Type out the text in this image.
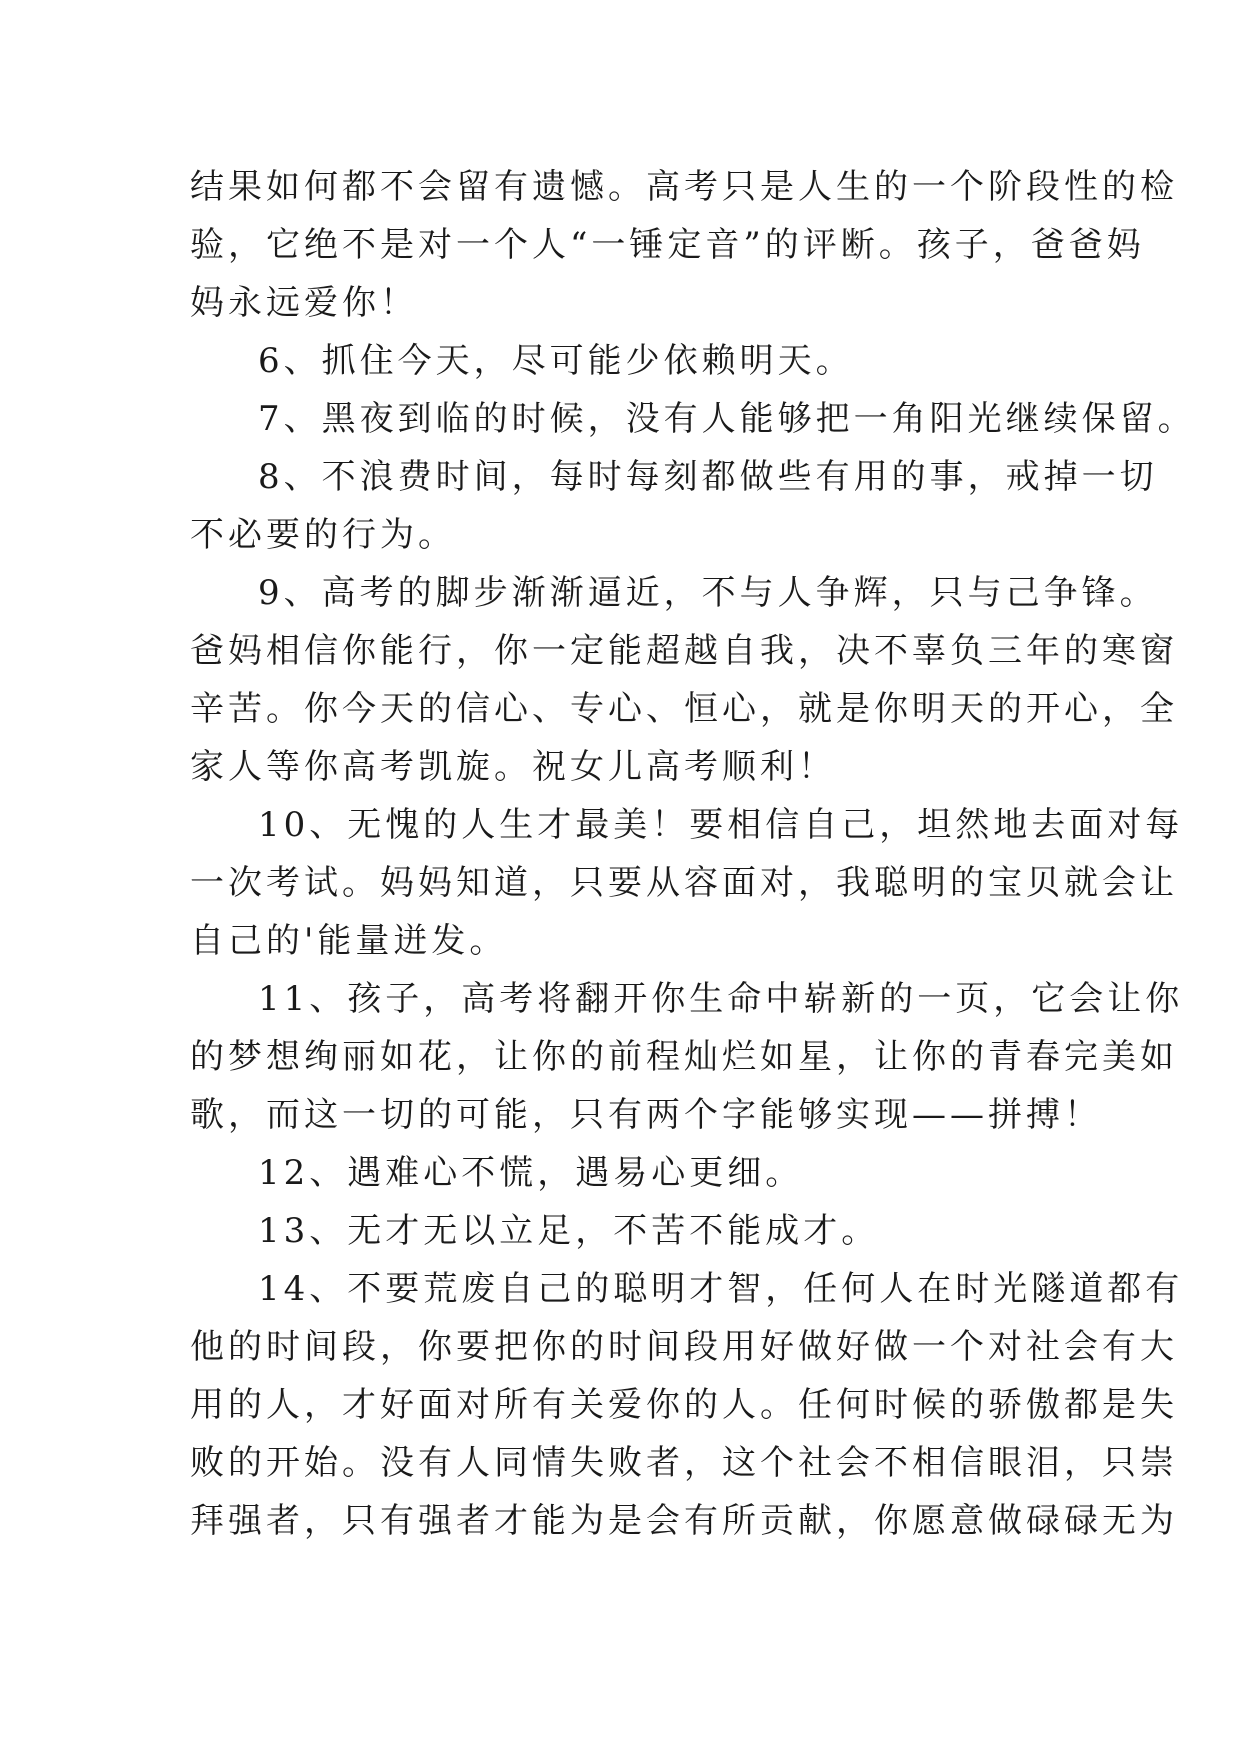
结果如何都不会留有遗憾。高考只是人生的一个阶段性的检
验，它绝不是对一个人“一锤定音”的评断。孩子，爸爸妈
妈永远爱你！
6、抓住今天，尽可能少依赖明天。
7、黑夜到临的时候，没有人能够把一角阳光继续保留。
8、不浪费时间，每时每刻都做些有用的事，戒掉一切
不必要的行为。
9、高考的脚步渐渐逼近，不与人争辉，只与己争锋。
爸妈相信你能行，你一定能超越自我，决不辜负三年的寒窗
辛苦。你今天的信心、专心、恒心，就是你明天的开心，全
家人等你高考凯旋。祝女儿高考顺利！
10、无愧的人生才最美！要相信自己，坦然地去面对每
一次考试。妈妈知道，只要从容面对，我聪明的宝贝就会让
自己的'能量迸发。
11、孩子，高考将翻开你生命中崭新的一页，它会让你
的梦想绚丽如花，让你的前程灿烂如星，让你的青春完美如
歌，而这一切的可能，只有两个字能够实现——拼搏！
12、遇难心不慌，遇易心更细。
13、无才无以立足，不苦不能成才。
14、不要荒废自己的聪明才智，任何人在时光隧道都有
他的时间段，你要把你的时间段用好做好做一个对社会有大
用的人，才好面对所有关爱你的人。任何时候的骄傲都是失
败的开始。没有人同情失败者，这个社会不相信眼泪，只崇
拜强者，只有强者才能为是会有所贡献，你愿意做碌碌无为
